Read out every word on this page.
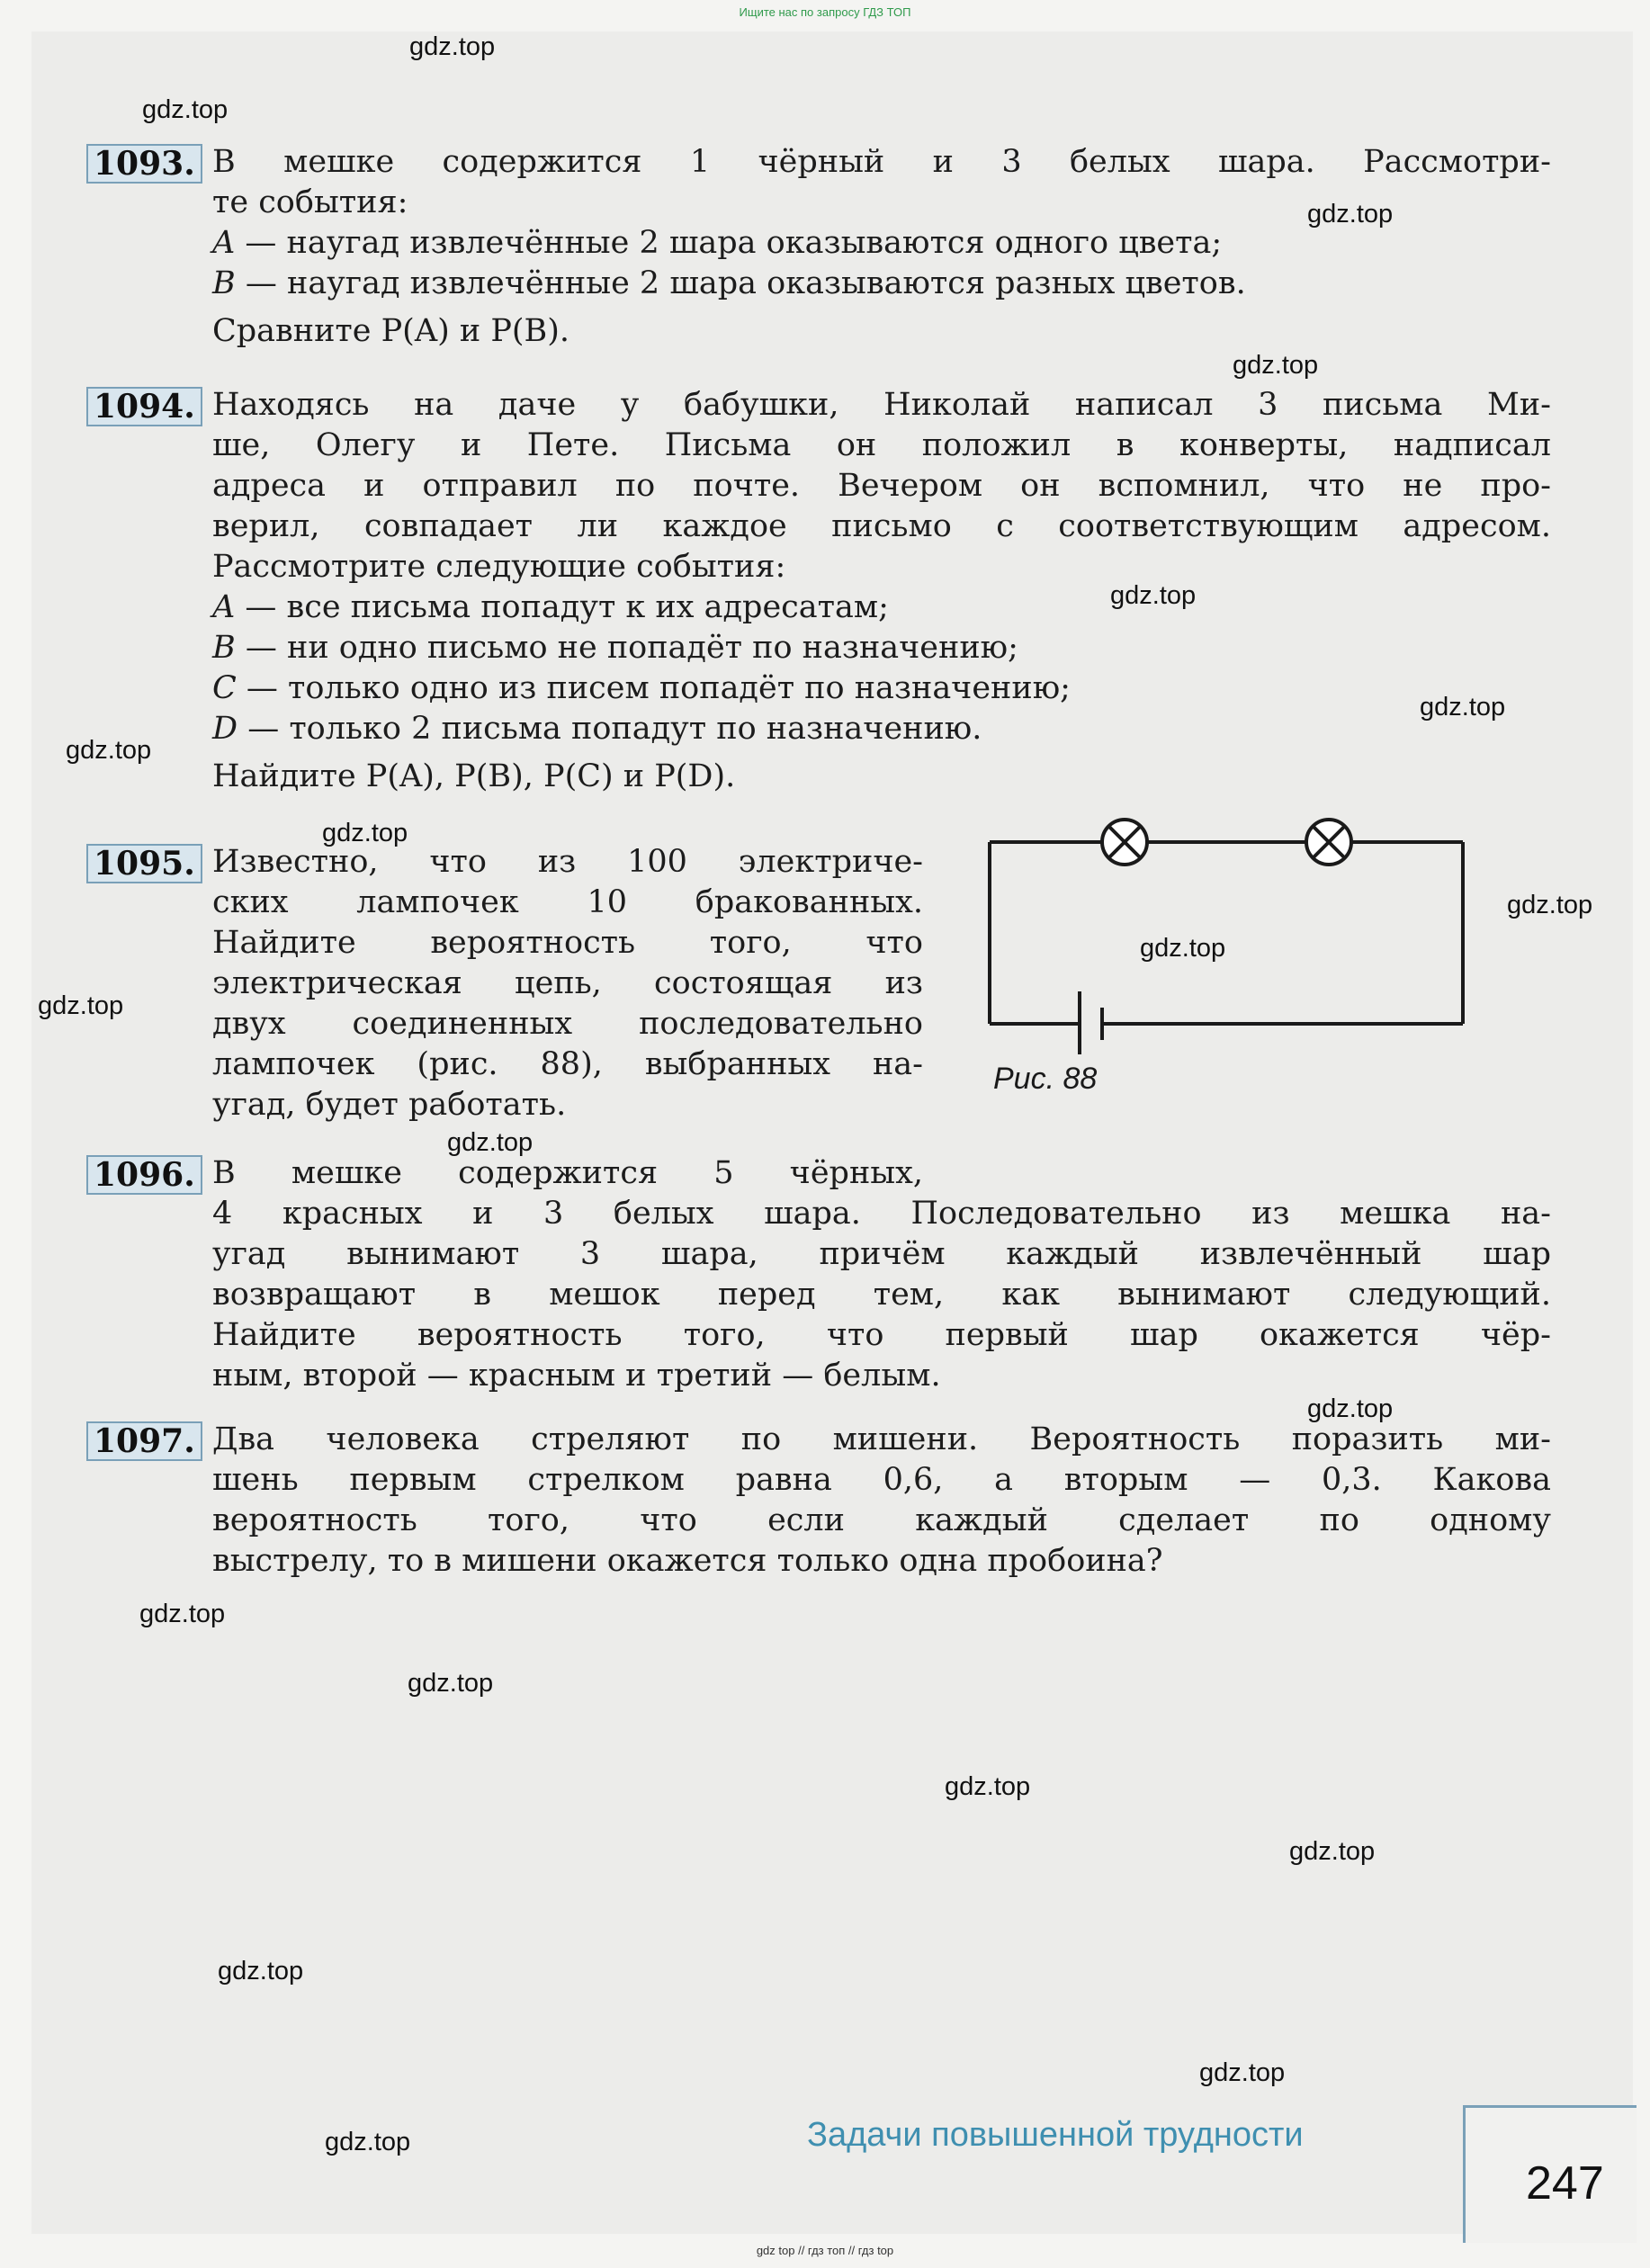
Ищите нас по запросу ГДЗ ТОП
gdz.top
gdz.top
gdz.top
gdz.top
gdz.top
gdz.top
gdz.top
gdz.top
gdz.top
gdz.top
gdz.top
gdz.top
gdz.top
gdz.top
gdz.top
gdz.top
gdz.top
gdz.top
gdz.top
gdz.top
1093. В мешке содержится 1 чёрный и 3 белых шара. Рассмотри-
те события:
A — наугад извлечённые 2 шара оказываются одного цвета;
B — наугад извлечённые 2 шара оказываются разных цветов.
Сравните P(A) и P(B).
1094. Находясь на даче у бабушки, Николай написал 3 письма Ми-
ше, Олегу и Пете. Письма он положил в конверты, надписал
адреса и отправил по почте. Вечером он вспомнил, что не про-
верил, совпадает ли каждое письмо с соответствующим адресом.
Рассмотрите следующие события:
A — все письма попадут к их адресатам;
B — ни одно письмо не попадёт по назначению;
C — только одно из писем попадёт по назначению;
D — только 2 письма попадут по назначению.
Найдите P(A), P(B), P(C) и P(D).
1095. Известно, что из 100 электриче-
ских лампочек 10 бракованных.
Найдите вероятность того, что
электрическая цепь, состоящая из
двух соединенных последовательно
лампочек (рис. 88), выбранных на-
угад, будет работать.
Рис. 88
1096. В мешке содержится 5 чёрных,
4 красных и 3 белых шара. Последовательно из мешка на-
угад вынимают 3 шара, причём каждый извлечённый шар
возвращают в мешок перед тем, как вынимают следующий.
Найдите вероятность того, что первый шар окажется чёр-
ным, второй — красным и третий — белым.
1097. Два человека стреляют по мишени. Вероятность поразить ми-
шень первым стрелком равна 0,6, а вторым — 0,3. Какова
вероятность того, что если каждый сделает по одному
выстрелу, то в мишени окажется только одна пробоина?
Задачи повышенной трудности
247
gdz top // гдз топ // гдз top
